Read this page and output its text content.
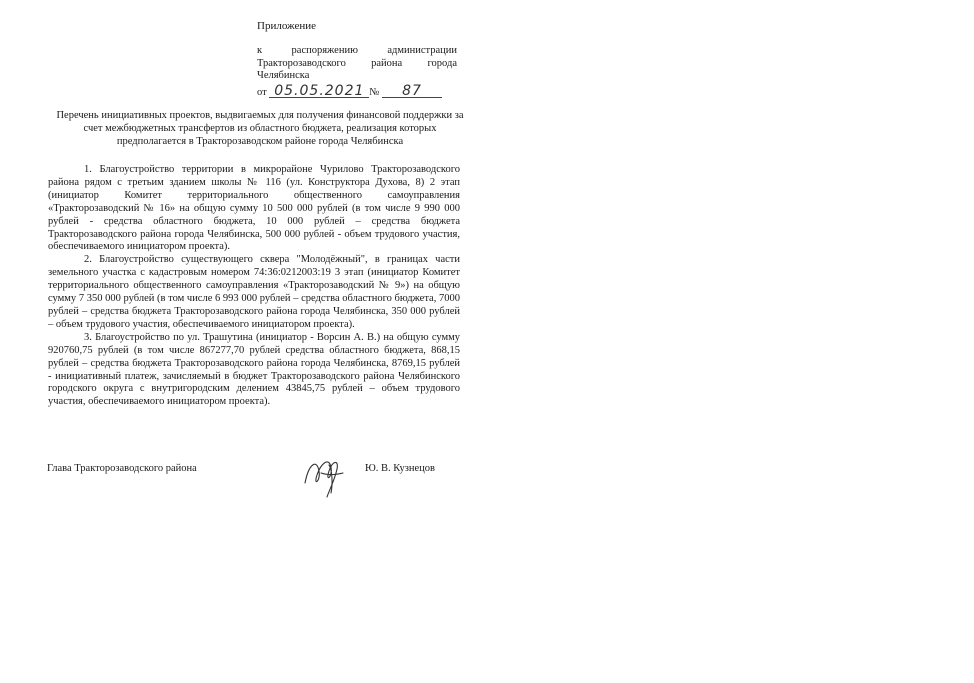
Приложение
к	распоряжению	администрации
Тракторозаводского района города
Челябинска
от 05.05.2021 № 87
Перечень инициативных проектов, выдвигаемых для получения финансовой поддержки за счет межбюджетных трансфертов из областного бюджета, реализация которых предполагается в Тракторозаводском районе города Челябинска

1. Благоустройство территории в микрорайоне Чурилово Тракторозаводского района рядом с третьим зданием школы № 116 (ул. Конструктора Духова, 8) 2 этап (инициатор Комитет территориального общественного самоуправления «Тракторозаводский № 16» на общую сумму 10 500 000 рублей (в том числе 9 990 000 рублей - средства областного бюджета, 10 000 рублей – средства бюджета Тракторозаводского района города Челябинска, 500 000 рублей - объем трудового участия, обеспечиваемого инициатором проекта).

2. Благоустройство существующего сквера "Молодёжный", в границах части земельного участка с кадастровым номером 74:36:0212003:19 3 этап (инициатор Комитет территориального общественного самоуправления «Тракторозаводский № 9») на общую сумму 7 350 000 рублей (в том числе 6 993 000 рублей – средства областного бюджета, 7000 рублей – средства бюджета Тракторозаводского района города Челябинска, 350 000 рублей – объем трудового участия, обеспечиваемого инициатором проекта).

3. Благоустройство по ул. Трашутина (инициатор - Ворсин А. В.) на общую сумму 920760,75 рублей (в том числе 867277,70 рублей средства областного бюджета, 868,15 рублей – средства бюджета Тракторозаводского района города Челябинска, 8769,15 рублей - инициативный платеж, зачисляемый в бюджет Тракторозаводского района Челябинского городского округа с внутригородским делением 43845,75 рублей – объем трудового участия, обеспечиваемого инициатором проекта).

Глава Тракторозаводского района	Ю. В. Кузнецов
